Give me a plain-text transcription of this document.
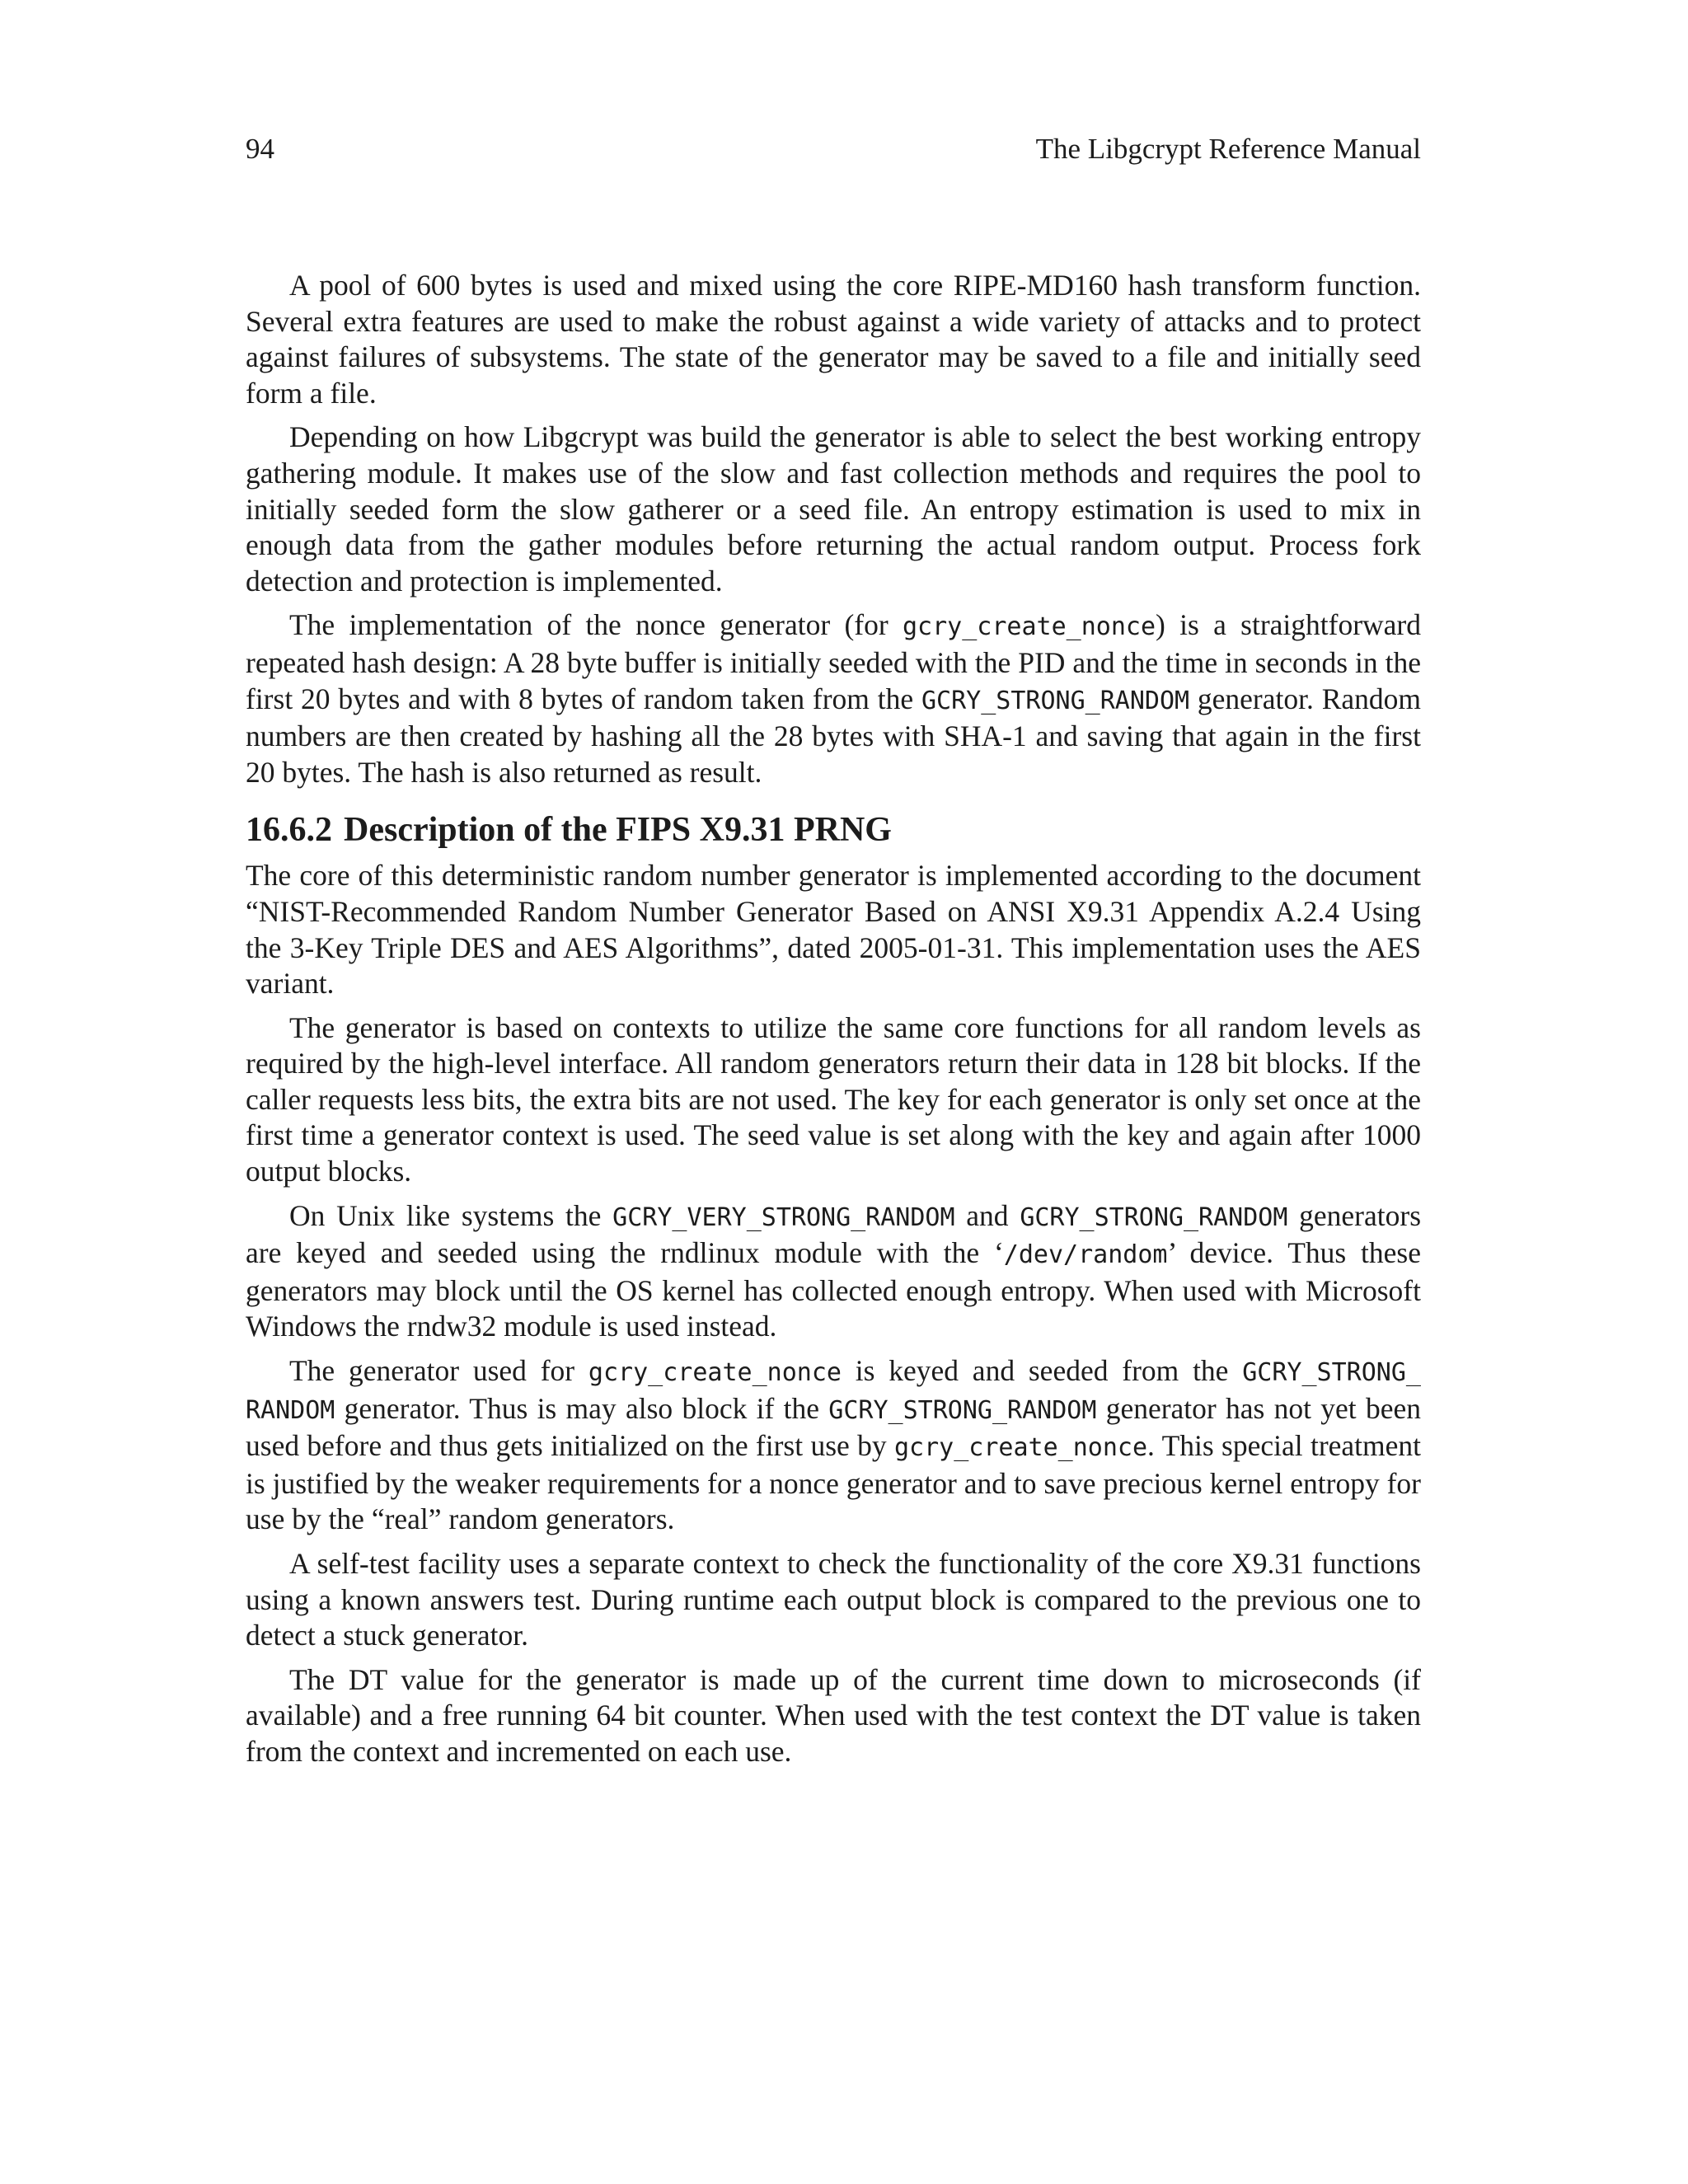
94	The Libgcrypt Reference Manual

A pool of 600 bytes is used and mixed using the core RIPE-MD160 hash transform function. Several extra features are used to make the robust against a wide variety of attacks and to protect against failures of subsystems. The state of the generator may be saved to a file and initially seed form a file.

Depending on how Libgcrypt was build the generator is able to select the best working entropy gathering module. It makes use of the slow and fast collection methods and requires the pool to initially seeded form the slow gatherer or a seed file. An entropy estimation is used to mix in enough data from the gather modules before returning the actual random output. Process fork detection and protection is implemented.

The implementation of the nonce generator (for gcry_create_nonce) is a straightforward repeated hash design: A 28 byte buffer is initially seeded with the PID and the time in seconds in the first 20 bytes and with 8 bytes of random taken from the GCRY_STRONG_​RANDOM generator. Random numbers are then created by hashing all the 28 bytes with SHA-1 and saving that again in the first 20 bytes. The hash is also returned as result.

16.6.2 Description of the FIPS X9.31 PRNG

The core of this deterministic random number generator is implemented according to the document “NIST-Recommended Random Number Generator Based on ANSI X9.31 Appendix A.2.4 Using the 3-Key Triple DES and AES Algorithms”, dated 2005-01-31. This implementation uses the AES variant.

The generator is based on contexts to utilize the same core functions for all random levels as required by the high-level interface. All random generators return their data in 128 bit blocks. If the caller requests less bits, the extra bits are not used. The key for each generator is only set once at the first time a generator context is used. The seed value is set along with the key and again after 1000 output blocks.

On Unix like systems the GCRY_VERY_STRONG_RANDOM and GCRY_STRONG_RANDOM generators are keyed and seeded using the rndlinux module with the ‘/dev/random’ device. Thus these generators may block until the OS kernel has collected enough entropy. When used with Microsoft Windows the rndw32 module is used instead.

The generator used for gcry_create_nonce is keyed and seeded from the GCRY_STRONG_​RANDOM generator. Thus is may also block if the GCRY_STRONG_RANDOM generator has not yet been used before and thus gets initialized on the first use by gcry_create_nonce. This special treatment is justified by the weaker requirements for a nonce generator and to save precious kernel entropy for use by the “real” random generators.

A self-test facility uses a separate context to check the functionality of the core X9.31 functions using a known answers test. During runtime each output block is compared to the previous one to detect a stuck generator.

The DT value for the generator is made up of the current time down to microseconds (if available) and a free running 64 bit counter. When used with the test context the DT value is taken from the context and incremented on each use.
